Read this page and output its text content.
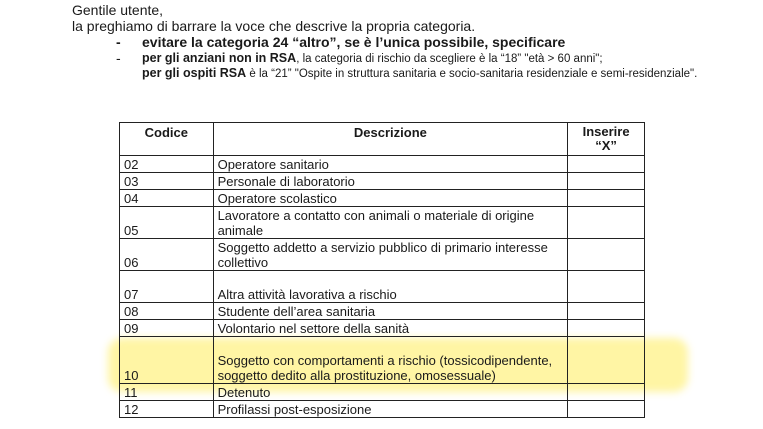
Gentile utente,

la preghiamo di barrare la voce che descrive la propria categoria.

- evitare la categoria 24 “altro”, se è l’unica possibile, specificare
- per gli anziani non in RSA, la categoria di rischio da scegliere è la “18” "età > 60 anni";
per gli ospiti RSA è la “21” "Ospite in struttura sanitaria e socio-sanitaria residenziale e semi-residenziale".
Codice	Descrizione	Inserire “X”
02	Operatore sanitario	
03	Personale di laboratorio	
04	Operatore scolastico	
05	Lavoratore a contatto con animali o materiale di origine animale	
06	Soggetto addetto a servizio pubblico di primario interesse collettivo	
07	Altra attività lavorativa a rischio	
08	Studente dell’area sanitaria	
09	Volontario nel settore della sanità	
10	Soggetto con comportamenti a rischio (tossicodipendente, soggetto dedito alla prostituzione, omosessuale)	
11	Detenuto	
12	Profilassi post-esposizione	
